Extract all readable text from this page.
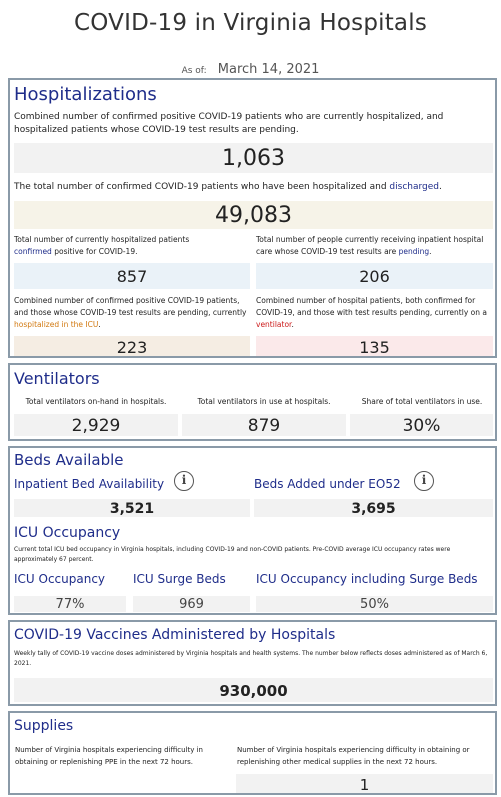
COVID-19 in Virginia Hospitals
As of: March 14, 2021
Hospitalizations
Combined number of confirmed positive COVID-19 patients who are currently hospitalized, and hospitalized patients whose COVID-19 test results are pending.
1,063
The total number of confirmed COVID-19 patients who have been hospitalized and discharged.
49,083
Total number of currently hospitalized patients
confirmed positive for COVID-19.
857
Total number of people currently receiving inpatient hospital care whose COVID-19 test results are pending.
206
Combined number of confirmed positive COVID-19 patients, and those whose COVID-19 test results are pending, currently hospitalized in the ICU.
223
Combined number of hospital patients, both confirmed for COVID-19, and those with test results pending, currently on a ventilator.
135
Ventilators
Total ventilators on-hand in hospitals.
2,929
Total ventilators in use at hospitals.
879
Share of total ventilators in use.
30%
Beds Available
Inpatient Bed Availability	i
3,521
Beds Added under EO52	i
3,695
ICU Occupancy
Current total ICU bed occupancy in Virginia hospitals, including COVID-19 and non-COVID patients. Pre-COVID average ICU occupancy rates were approximately 67 percent.
ICU Occupancy
77%
ICU Surge Beds
969
ICU Occupancy including Surge Beds
50%
COVID-19 Vaccines Administered by Hospitals
Weekly tally of COVID-19 vaccine doses administered by Virginia hospitals and health systems. The number below reflects doses administered as of March 6, 2021.
930,000
Supplies
Number of Virginia hospitals experiencing difficulty in obtaining or replenishing PPE in the next 72 hours.
Number of Virginia hospitals experiencing difficulty in obtaining or replenishing other medical supplies in the next 72 hours.
1
